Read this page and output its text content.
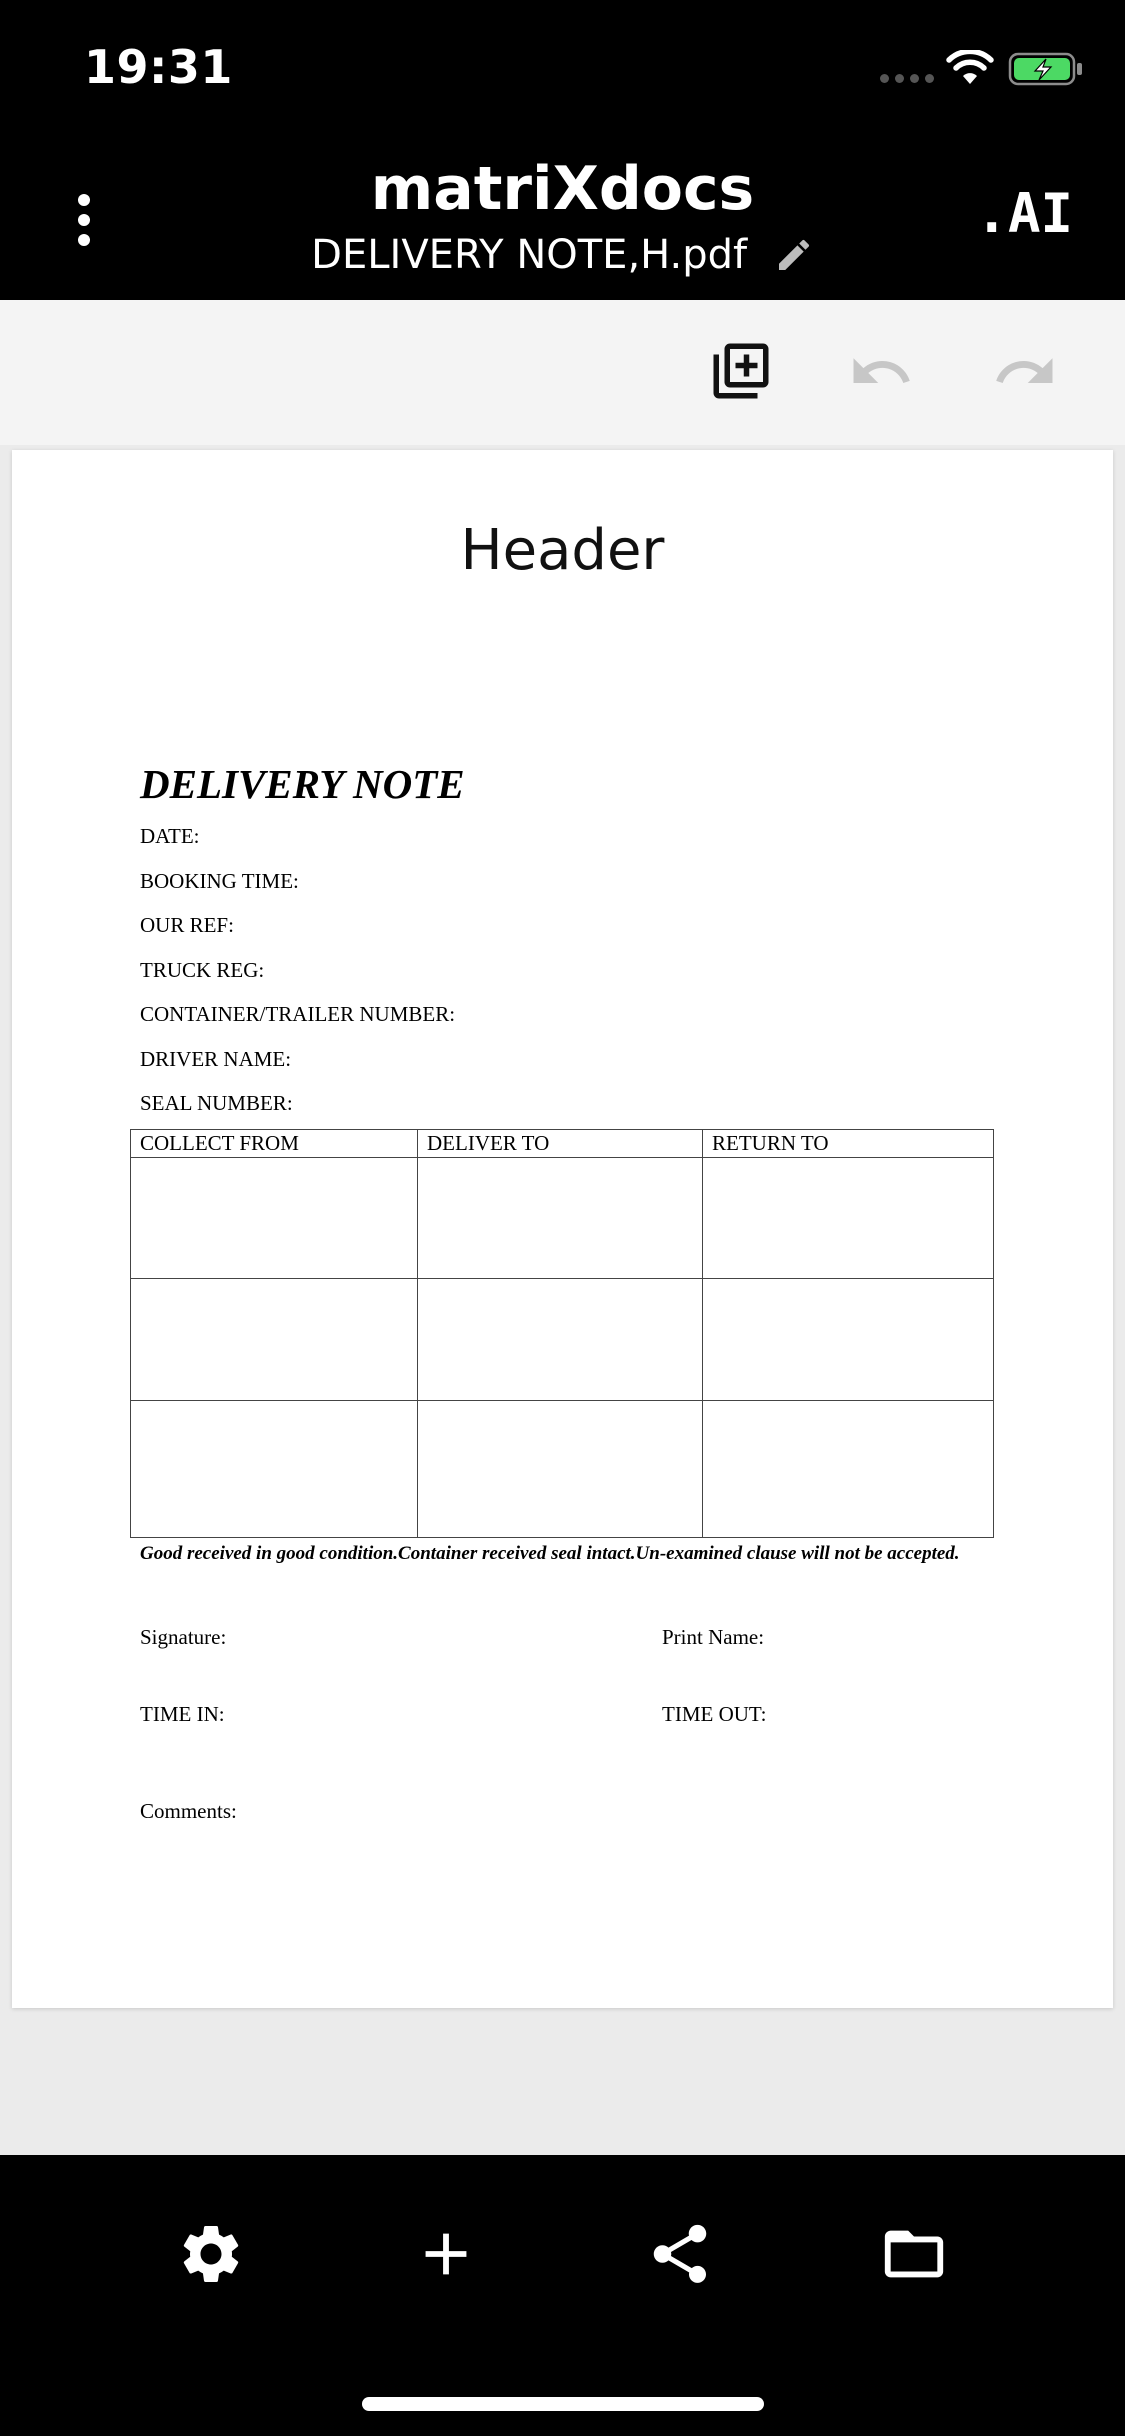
19:31
matriXdocs
DELIVERY NOTE,H.pdf
.AI
Header
DELIVERY NOTE
DATE:
BOOKING TIME:
OUR REF:
TRUCK REG:
CONTAINER/TRAILER NUMBER:
DRIVER NAME:
SEAL NUMBER:
COLLECT FROM	DELIVER TO	RETURN TO

Good received in good condition.Container received seal intact.Un-examined clause will not be accepted.
Signature:	Print Name:
TIME IN:	TIME OUT:
Comments:
